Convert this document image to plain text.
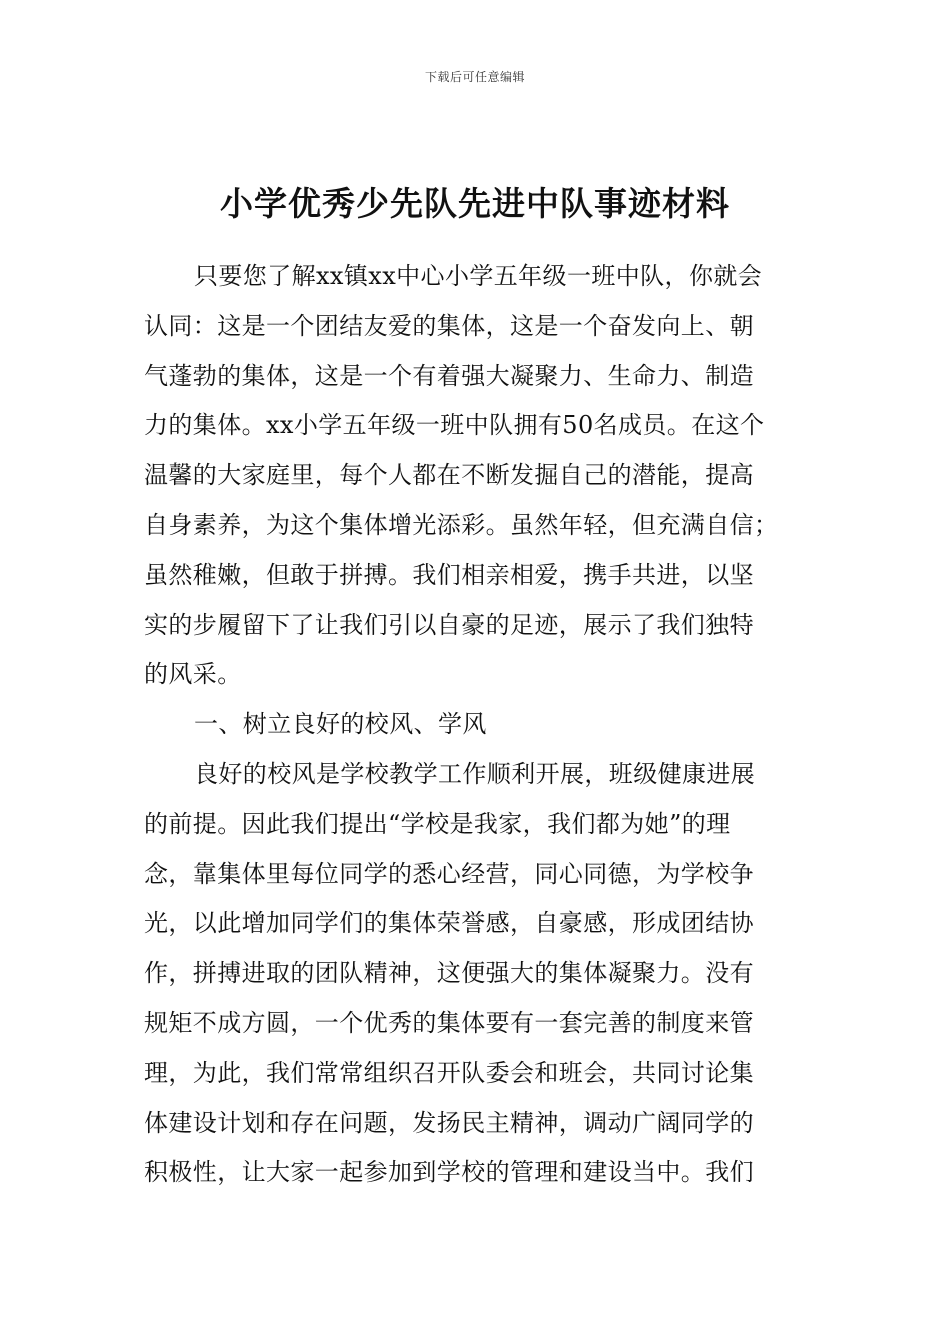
下载后可任意编辑
小学优秀少先队先进中队事迹材料
只要您了解xx镇xx中心小学五年级一班中队，你就会
认同：这是一个团结友爱的集体，这是一个奋发向上、朝
气蓬勃的集体，这是一个有着强大凝聚力、生命力、制造
力的集体。xx小学五年级一班中队拥有50名成员。在这个
温馨的大家庭里，每个人都在不断发掘自己的潜能，提高
自身素养，为这个集体增光添彩。虽然年轻，但充满自信；
虽然稚嫩，但敢于拼搏。我们相亲相爱，携手共进，以坚
实的步履留下了让我们引以自豪的足迹，展示了我们独特
的风采。
一、树立良好的校风、学风
良好的校风是学校教学工作顺利开展，班级健康进展
的前提。因此我们提出“学校是我家，我们都为她”的理
念，靠集体里每位同学的悉心经营，同心同德，为学校争
光，以此增加同学们的集体荣誉感，自豪感，形成团结协
作，拼搏进取的团队精神，这便强大的集体凝聚力。没有
规矩不成方圆，一个优秀的集体要有一套完善的制度来管
理，为此，我们常常组织召开队委会和班会，共同讨论集
体建设计划和存在问题，发扬民主精神，调动广阔同学的
积极性，让大家一起参加到学校的管理和建设当中。我们
